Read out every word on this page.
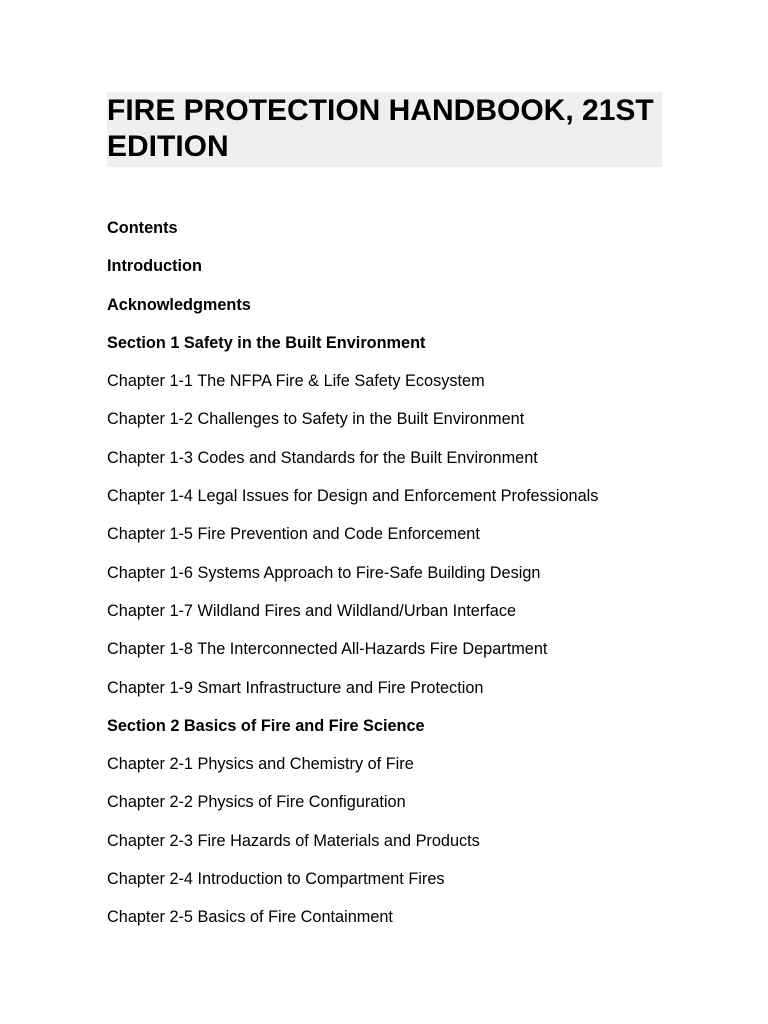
FIRE PROTECTION HANDBOOK, 21ST EDITION
Contents
Introduction
Acknowledgments
Section 1 Safety in the Built Environment
Chapter 1-1 The NFPA Fire & Life Safety Ecosystem
Chapter 1-2 Challenges to Safety in the Built Environment
Chapter 1-3 Codes and Standards for the Built Environment
Chapter 1-4 Legal Issues for Design and Enforcement Professionals
Chapter 1-5 Fire Prevention and Code Enforcement
Chapter 1-6 Systems Approach to Fire-Safe Building Design
Chapter 1-7 Wildland Fires and Wildland/Urban Interface
Chapter 1-8 The Interconnected All-Hazards Fire Department
Chapter 1-9 Smart Infrastructure and Fire Protection
Section 2 Basics of Fire and Fire Science
Chapter 2-1 Physics and Chemistry of Fire
Chapter 2-2 Physics of Fire Configuration
Chapter 2-3 Fire Hazards of Materials and Products
Chapter 2-4 Introduction to Compartment Fires
Chapter 2-5 Basics of Fire Containment
